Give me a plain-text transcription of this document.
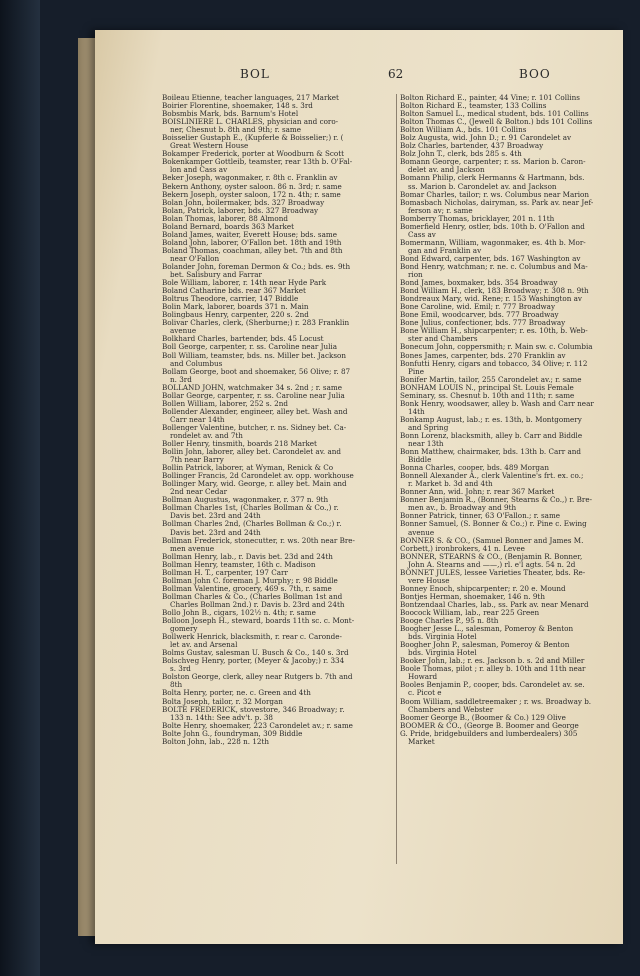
BOL	62	BOO
Boileau Etienne, teacher languages, 217 Market
Boirier Florentine, shoemaker, 148 s. 3rd
Bobsmbis Mark, bds. Barnum's Hotel
BOISLINIERE L. CHARLES, physician and coro-
ner, Chesnut b. 8th and 9th; r. same
Boisselier Gustaph E., (Kupferle & Boisselier;) r. (
Great Western House
Bokamper Frederick, porter at Woodburn & Scott
Bokenkamper Gottleib, teamster, rear 13th b. O'Fal-
lon and Cass av
Beker Joseph, wagonmaker, r. 8th c. Franklin av
Bekern Anthony, oyster saloon. 86 n. 3rd; r. same
Bekern Joseph, oyster saloon, 172 n. 4th; r. same
Bolan John, boilermaker, bds. 327 Broadway
Bolan, Patrick, laborer, bds. 327 Broadway
Bolan Thomas, laborer, 88 Almond
Boland Bernard, boards 363 Market
Boland James, waiter, Everett House; bds. same
Boland John, laborer, O'Fallon bet. 18th and 19th
Boland Thomas, coachman, alley bet. 7th and 8th
near O'Fallon
Bolander John, foreman Dermon & Co.; bds. es. 9th
bet. Salisbury and Farrar
Bole William, laborer, r. 14th near Hyde Park
Boland Catharine bds. rear 367 Market
Boltrus Theodore, carrier, 147 Biddle
Bolin Mark, laborer, boards 371 n. Main
Bolingbaus Henry, carpenter, 220 s. 2nd
Bolivar Charles, clerk, (Sherburne;) r. 283 Franklin
avenue
Bolkhard Charles, bartender, bds. 45 Locust
Boll George, carpenter, r. ss. Caroline near Julia
Boll William, teamster, bds. ns. Miller bet. Jackson
and Columbus
Bollam George, boot and shoemaker, 56 Olive; r. 87
n. 3rd
BOLLAND JOHN, watchmaker 34 s. 2nd ; r. same
Bollar George, carpenter, r. ss. Caroline near Julia
Bollen William, laborer, 252 s. 2nd
Bollender Alexander, engineer, alley bet. Wash and
Carr near 14th
Bollenger Valentine, butcher, r. ns. Sidney bet. Ca-
rondelet av. and 7th
Boller Henry, tinsmith, boards 218 Market
Bollin John, laborer, alley bet. Carondelet av. and
7th near Barry
Bollin Patrick, laborer, at Wyman, Renick & Co
Bollinger Francis, 2d Carondelet av. opp. workhouse
Bollinger Mary, wid. George, r. alley bet. Main and
2nd near Cedar
Bollman Augustus, wagonmaker, r. 377 n. 9th
Bollman Charles 1st, (Charles Bollman & Co.,) r.
Davis bet. 23rd and 24th
Bollman Charles 2nd, (Charles Bollman & Co.;) r.
Davis bet. 23rd and 24th
Bollman Frederick, stonecutter, r. ws. 20th near Bre-
men avenue
Bollman Henry, lab., r. Davis bet. 23d and 24th
Bollman Henry, teamster, 16th c. Madison
Bollman H. T., carpenter, 197 Carr
Bollman John C. foreman J. Murphy; r. 98 Biddle
Bollman Valentine, grocery, 469 s. 7th, r. same
Bollman Charles & Co., (Charles Bollman 1st and
Charles Bollman 2nd.) r. Davis b. 23rd and 24th
Bollo John B., cigars, 102½ n. 4th; r. same
Bolloon Joseph H., steward, boards 11th sc. c. Mont-
gomery
Bollwerk Henrick, blacksmith, r. rear c. Caronde-
let av. and Arsenal
Bolms Gustav, salesman U. Busch & Co., 140 s. 3rd
Bolschveg Henry, porter, (Meyer & Jacoby;) r. 334
s. 3rd
Bolston George, clerk, alley near Rutgers b. 7th and
8th
Bolta Henry, porter, ne. c. Green and 4th
Bolta Joseph, tailor, r. 32 Morgan
BOLTE FREDERICK, stovestore, 346 Broadway; r.
133 n. 14th: See adv't. p. 38
Bolte Henry, shoemaker, 223 Carondelet av.; r. same
Bolte John G., foundryman, 309 Biddle
Bolton John, lab., 228 n. 12th
Bolton Richard E., painter, 44 Vine; r. 101 Collins
Bolton Richard E., teamster, 133 Collins
Bolton Samuel L., medical student, bds. 101 Collins
Bolton Thomas C., (Jewell & Bolton.) bds 101 Collins
Bolton William A., bds. 101 Collins
Bolz Augusta, wid. John D.; r. 91 Carondelet av
Bolz Charles, bartender, 437 Broadway
Bolz John T., clerk, bds 285 s. 4th
Bomann George, carpenter; r. ss. Marion b. Caron-
delet av. and Jackson
Bomann Philip, clerk Hermanns & Hartmann, bds.
ss. Marion b. Carondelet av. and Jackson
Bomar Charles, tailor; r. ws. Columbus near Marion
Bomasbach Nicholas, dairyman, ss. Park av. near Jef-
ferson av; r. same
Bomberry Thomas, bricklayer, 201 n. 11th
Bomerfield Henry, ostler, bds. 10th b. O'Fallon and
Cass av
Bomermann, William, wagonmaker, es. 4th b. Mor-
gan and Franklin av
Bond Edward, carpenter, bds. 167 Washington av
Bond Henry, watchman; r. ne. c. Columbus and Ma-
rion
Bond James, boxmaker, bds. 354 Broadway
Bond William H., clerk, 183 Broadway; r. 308 n. 9th
Bondreaux Mary, wid. Rene; r. 153 Washington av
Bone Caroline, wid. Emil; r. 777 Broadway
Bone Emil, woodcarver, bds. 777 Broadway
Bone Julius, confectioner, bds. 777 Broadway
Bone William H., shipcarpenter; r. es. 10th, b. Web-
ster and Chambers
Bonecum John, coppersmith; r. Main sw. c. Columbia
Bones James, carpenter, bds. 270 Franklin av
Bonfutti Henry, cigars and tobacco, 34 Olive; r. 112
Pine
Bonifer Martin, tailor, 255 Carondelet av.; r. same
BONHAM LOUIS N., principal St. Louis Female
Seminary, ss. Chesnut b. 10th and 11th; r. same
Bonk Henry, woodsawer, alley b. Wash and Carr near
14th
Bonkamp August, lab.; r. es. 13th, b. Montgomery
and Spring
Bonn Lorenz, blacksmith, alley b. Carr and Biddle
near 13th
Bonn Matthew, chairmaker, bds. 13th b. Carr and
Biddle
Bonna Charles, cooper, bds. 489 Morgan
Bonnell Alexander A., clerk Valentine's frt. ex. co.;
r. Market b. 3d and 4th
Bonner Ann, wid. John; r. rear 367 Market
Bonner Benjamin R., (Bonner, Stearns & Co.,) r. Bre-
men av., b. Broadway and 9th
Bonner Patrick, tinner, 63 O'Fallon.; r. same
Bonner Samuel, (S. Bonner & Co.;) r. Pine c. Ewing
avenue
BONNER S. & CO., (Samuel Bonner and James M.
Corbett,) ironbrokers, 41 n. Levee
BONNER, STEARNS & CO., (Benjamin R. Bonner,
John A. Stearns and ——,) rl. e'l agts. 54 n. 2d
BONNET JULES, lessee Varieties Theater, bds. Re-
vere House
Bonney Enoch, shipcarpenter; r. 20 e. Mound
Bontjes Herman, shoemaker, 146 n. 9th
Bontzendaal Charles, lab., ss. Park av. near Menard
Boocock William, lab., rear 225 Green
Booge Charles P., 95 n. 8th
Boogher Jesse L., salesman, Pomeroy & Benton
bds. Virginia Hotel
Boogher John P., salesman, Pomeroy & Benton
bds. Virginia Hotel
Booker John, lab.; r. es. Jackson b. s. 2d and Miller
Boole Thomas, pilot ; r. alley b. 10th and 11th near
Howard
Booles Benjamin P., cooper, bds. Carondelet av. se.
c. Picot e
Boom William, saddletreemaker ; r. ws. Broadway b.
Chambers and Webster
Boomer George B., (Boomer & Co.) 129 Olive
BOOMER & CO., (George B. Boomer and George
G. Pride, bridgebuilders and lumberdealers) 305
Market
